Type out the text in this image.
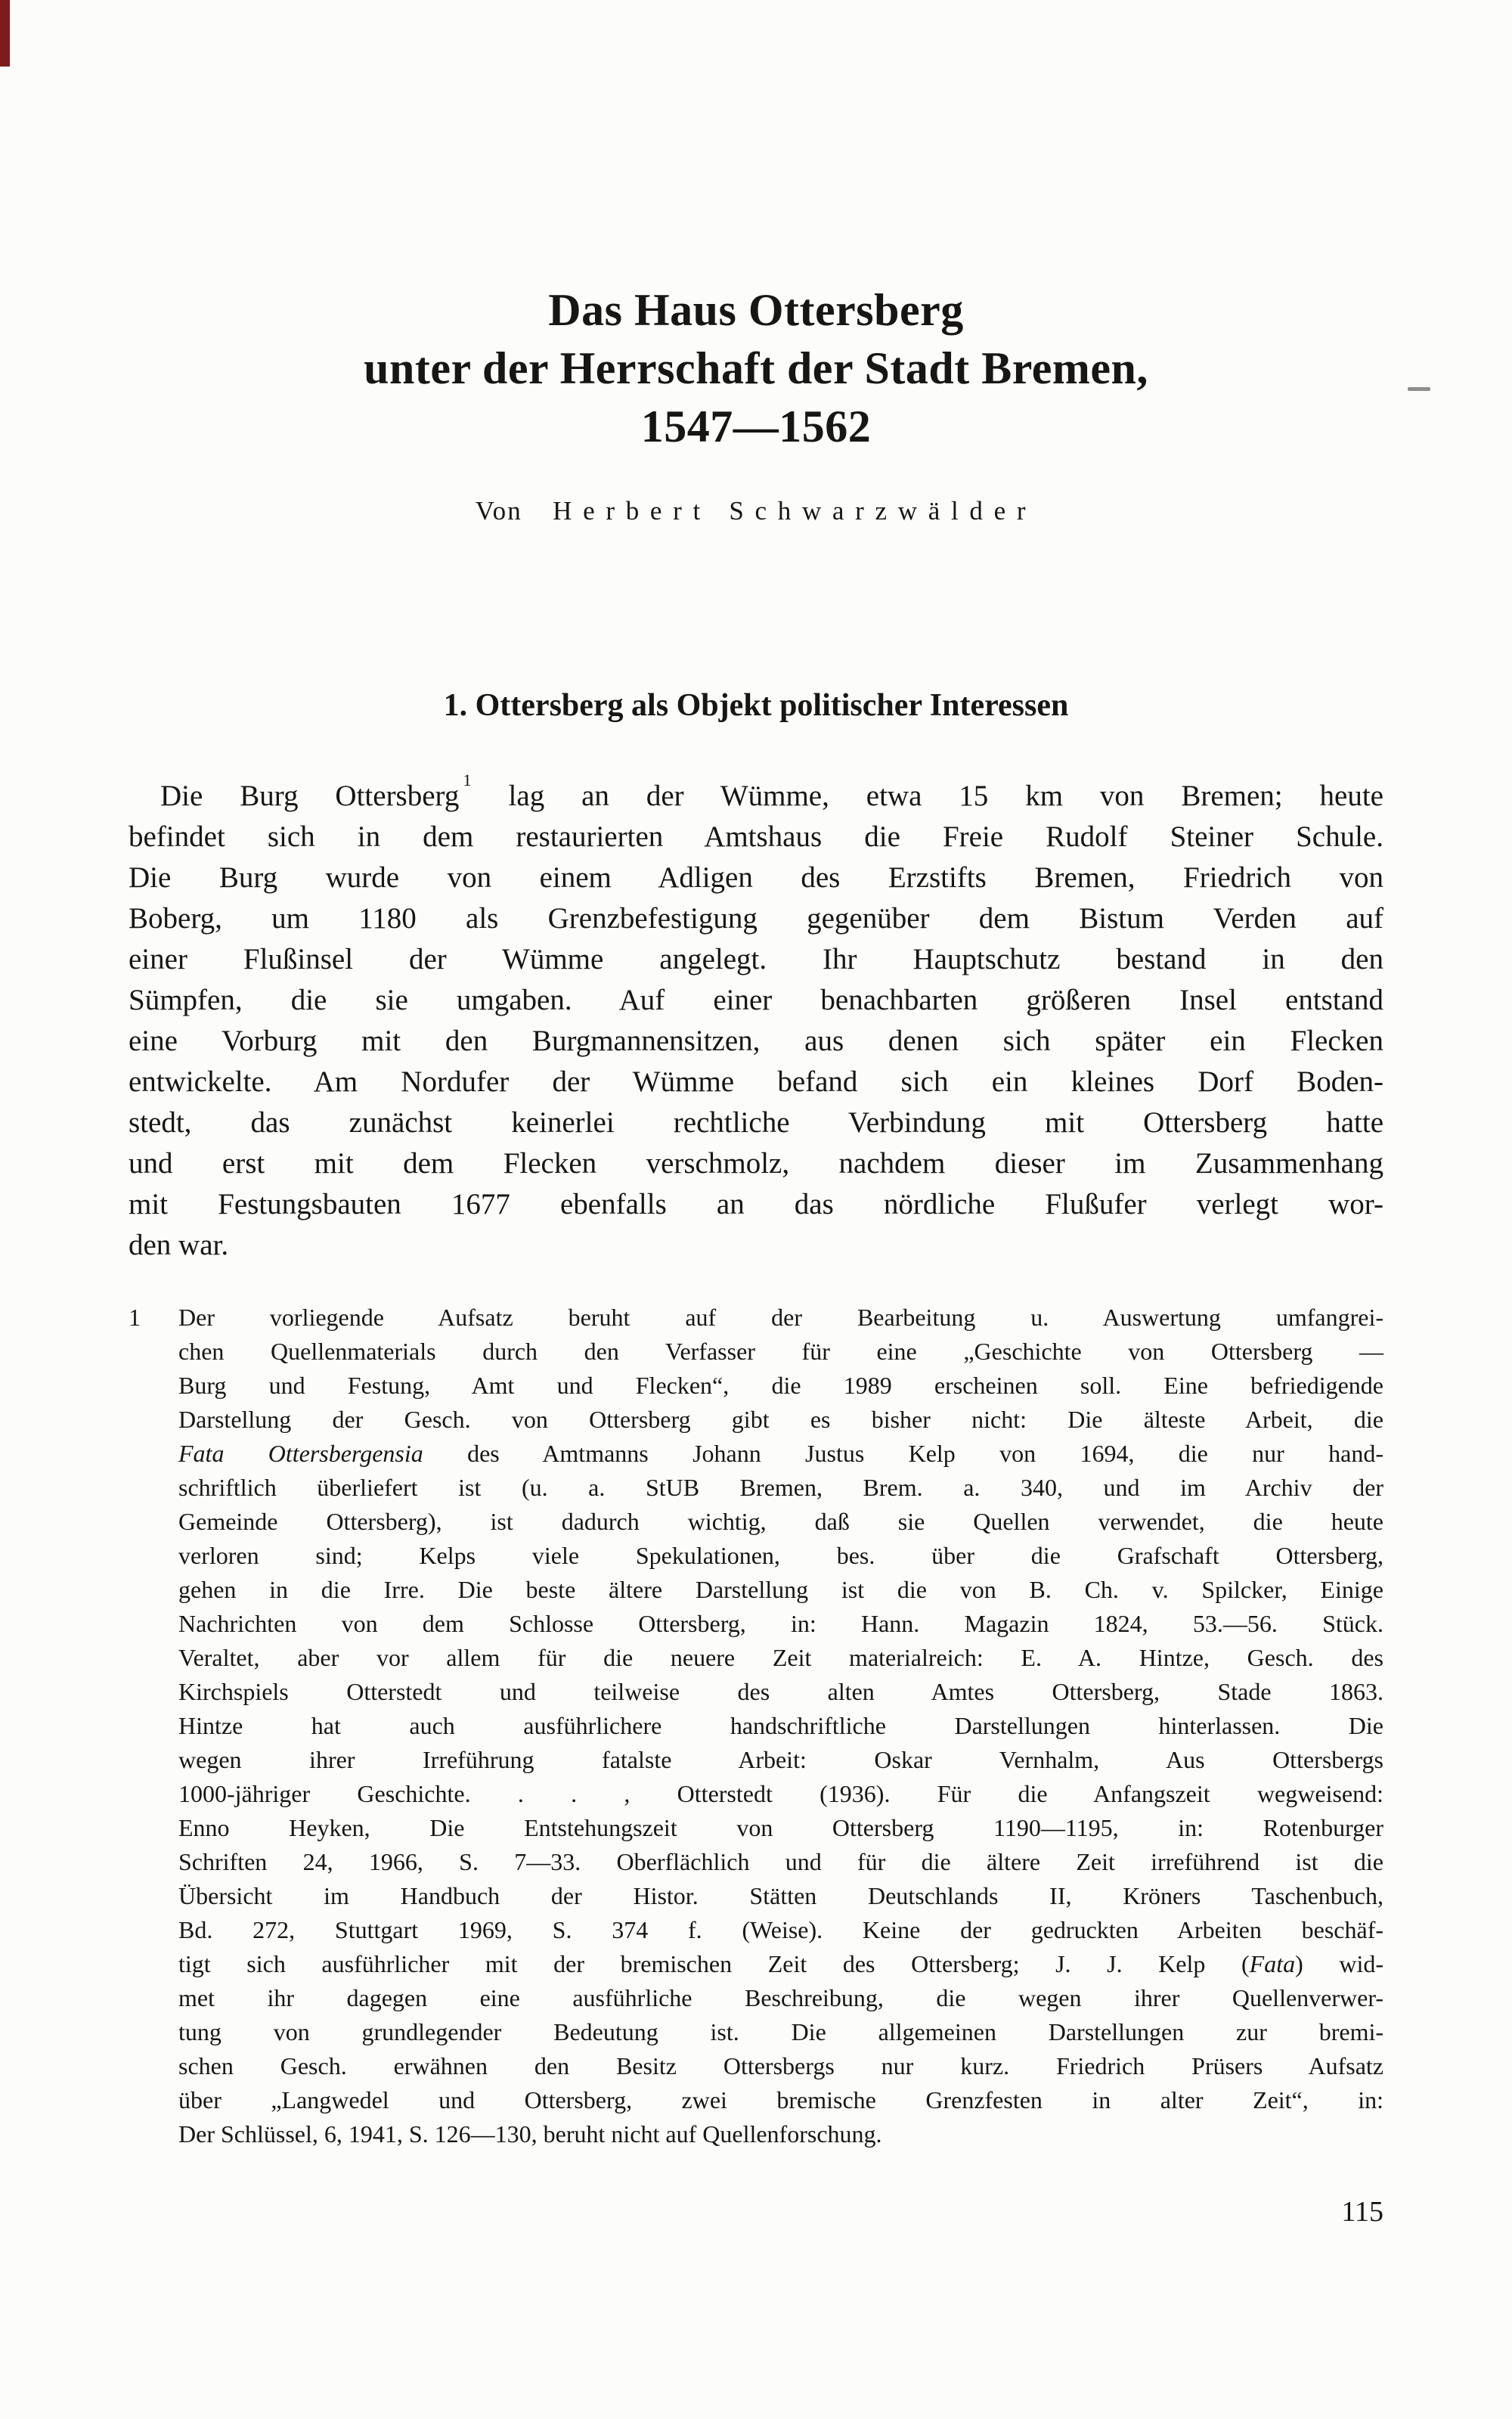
Das Haus Ottersberg
unter der Herrschaft der Stadt Bremen,
1547—1562
Von Herbert Schwarzwälder
1. Ottersberg als Objekt politischer Interessen
Die Burg Ottersberg $^1$ lag an der Wümme, etwa 15 km von Bremen; heute
befindet sich in dem restaurierten Amtshaus die Freie Rudolf Steiner Schule.
Die Burg wurde von einem Adligen des Erzstifts Bremen, Friedrich von
Boberg, um 1180 als Grenzbefestigung gegenüber dem Bistum Verden auf
einer Flußinsel der Wümme angelegt. Ihr Hauptschutz bestand in den
Sümpfen, die sie umgaben. Auf einer benachbarten größeren Insel entstand
eine Vorburg mit den Burgmannensitzen, aus denen sich später ein Flecken
entwickelte. Am Nordufer der Wümme befand sich ein kleines Dorf Boden-
stedt, das zunächst keinerlei rechtliche Verbindung mit Ottersberg hatte
und erst mit dem Flecken verschmolz, nachdem dieser im Zusammenhang
mit Festungsbauten 1677 ebenfalls an das nördliche Flußufer verlegt wor-
den war.
1	Der vorliegende Aufsatz beruht auf der Bearbeitung u. Auswertung umfangrei-
chen Quellenmaterials durch den Verfasser für eine „Geschichte von Ottersberg —
Burg und Festung, Amt und Flecken“, die 1989 erscheinen soll. Eine befriedigende
Darstellung der Gesch. von Ottersberg gibt es bisher nicht: Die älteste Arbeit, die
Fata Ottersbergensia des Amtmanns Johann Justus Kelp von 1694, die nur hand-
schriftlich überliefert ist (u. a. StUB Bremen, Brem. a. 340, und im Archiv der
Gemeinde Ottersberg), ist dadurch wichtig, daß sie Quellen verwendet, die heute
verloren sind; Kelps viele Spekulationen, bes. über die Grafschaft Ottersberg,
gehen in die Irre. Die beste ältere Darstellung ist die von B. Ch. v. Spilcker, Einige
Nachrichten von dem Schlosse Ottersberg, in: Hann. Magazin 1824, 53.—56. Stück.
Veraltet, aber vor allem für die neuere Zeit materialreich: E. A. Hintze, Gesch. des
Kirchspiels Otterstedt und teilweise des alten Amtes Ottersberg, Stade 1863.
Hintze hat auch ausführlichere handschriftliche Darstellungen hinterlassen. Die
wegen ihrer Irreführung fatalste Arbeit: Oskar Vernhalm, Aus Ottersbergs
1000-jähriger Geschichte. . . , Otterstedt (1936). Für die Anfangszeit wegweisend:
Enno Heyken, Die Entstehungszeit von Ottersberg 1190—1195, in: Rotenburger
Schriften 24, 1966, S. 7—33. Oberflächlich und für die ältere Zeit irreführend ist die
Übersicht im Handbuch der Histor. Stätten Deutschlands II, Kröners Taschenbuch,
Bd. 272, Stuttgart 1969, S. 374 f. (Weise). Keine der gedruckten Arbeiten beschäf-
tigt sich ausführlicher mit der bremischen Zeit des Ottersberg; J. J. Kelp (Fata) wid-
met ihr dagegen eine ausführliche Beschreibung, die wegen ihrer Quellenverwer-
tung von grundlegender Bedeutung ist. Die allgemeinen Darstellungen zur bremi-
schen Gesch. erwähnen den Besitz Ottersbergs nur kurz. Friedrich Prüsers Aufsatz
über „Langwedel und Ottersberg, zwei bremische Grenzfesten in alter Zeit“, in:
Der Schlüssel, 6, 1941, S. 126—130, beruht nicht auf Quellenforschung.
115
